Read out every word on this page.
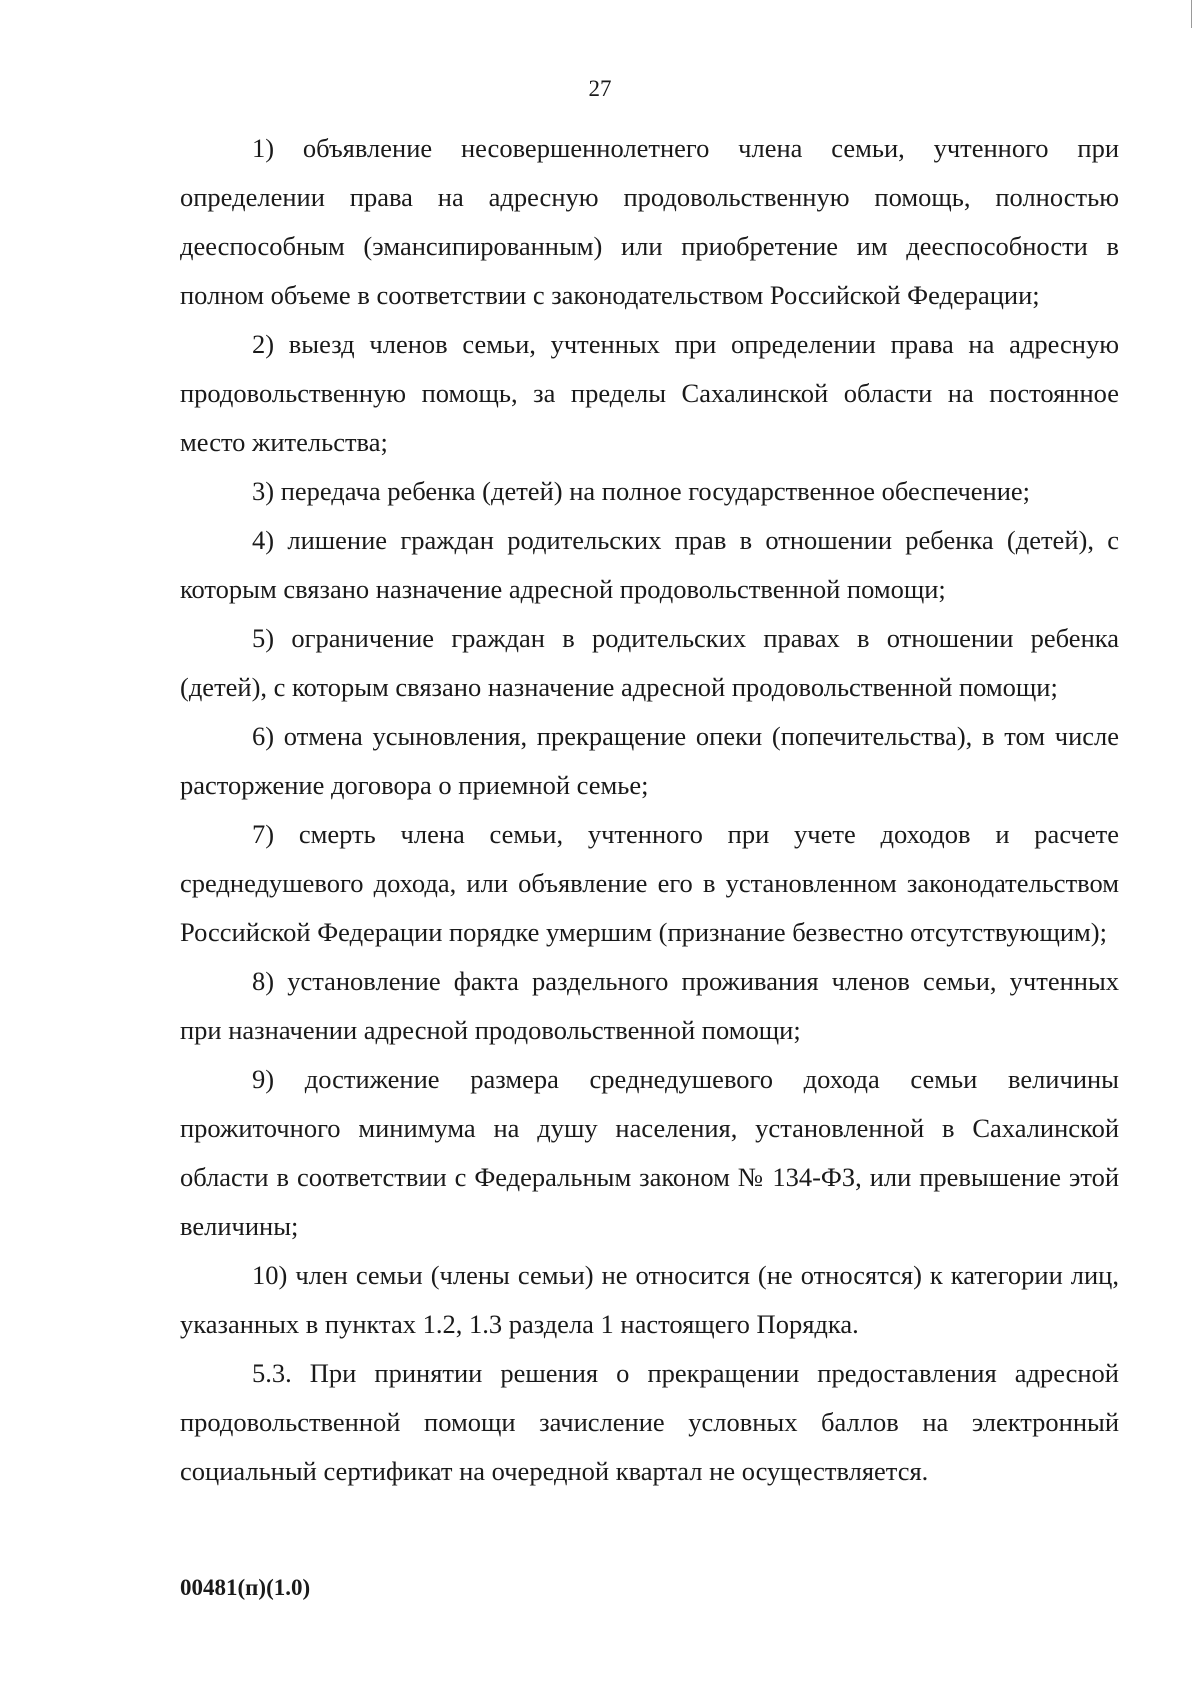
27

1) объявление несовершеннолетнего члена семьи, учтенного при определении права на адресную продовольственную помощь, полностью дееспособным (эмансипированным) или приобретение им дееспособности в полном объеме в соответствии с законодательством Российской Федерации;

2) выезд членов семьи, учтенных при определении права на адресную продовольственную помощь, за пределы Сахалинской области на постоянное место жительства;

3) передача ребенка (детей) на полное государственное обеспечение;

4) лишение граждан родительских прав в отношении ребенка (детей), с которым связано назначение адресной продовольственной помощи;

5) ограничение граждан в родительских правах в отношении ребенка (детей), с которым связано назначение адресной продовольственной помощи;

6) отмена усыновления, прекращение опеки (попечительства), в том числе расторжение договора о приемной семье;

7) смерть члена семьи, учтенного при учете доходов и расчете среднедушевого дохода, или объявление его в установленном законодательством Российской Федерации порядке умершим (признание безвестно отсутствующим);

8) установление факта раздельного проживания членов семьи, учтенных при назначении адресной продовольственной помощи;

9) достижение размера среднедушевого дохода семьи величины прожиточного минимума на душу населения, установленной в Сахалинской области в соответствии с Федеральным законом № 134-ФЗ, или превышение этой величины;

10) член семьи (члены семьи) не относится (не относятся) к категории лиц, указанных в пунктах 1.2, 1.3 раздела 1 настоящего Порядка.

5.3. При принятии решения о прекращении предоставления адресной продовольственной помощи зачисление условных баллов на электронный социальный сертификат на очередной квартал не осуществляется.

00481(п)(1.0)
